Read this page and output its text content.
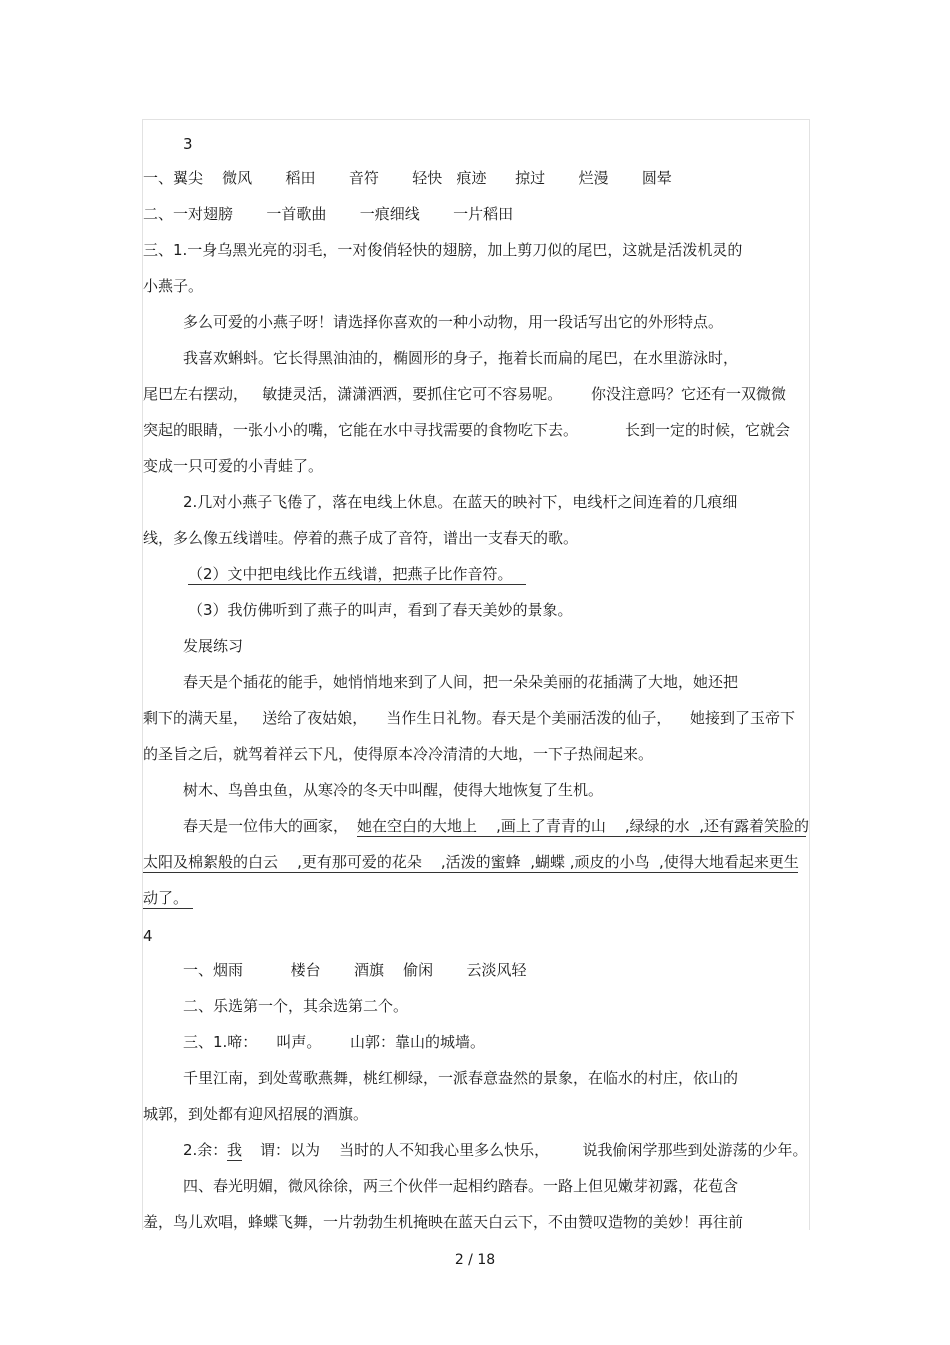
3
一、翼尖    微风       稻田       音符       轻快   痕迹      掠过       烂漫       圆晕
二、一对翅膀       一首歌曲       一痕细线       一片稻田
三、1.一身乌黑光亮的羽毛，一对俊俏轻快的翅膀，加上剪刀似的尾巴，这就是活泼机灵的
小燕子。
多么可爱的小燕子呀！请选择你喜欢的一种小动物，用一段话写出它的外形特点。
我喜欢蝌蚪。它长得黑油油的，椭圆形的身子，拖着长而扁的尾巴，在水里游泳时，
尾巴左右摆动，   敏捷灵活，潇潇洒洒，要抓住它可不容易呢。 你没注意吗？它还有一双微微
突起的眼睛，一张小小的嘴，它能在水中寻找需要的食物吃下去。	长到一定的时候，它就会
变成一只可爱的小青蛙了。
2.几对小燕子飞倦了，落在电线上休息。在蓝天的映衬下，电线杆之间连着的几痕细
线，多么像五线谱哇。停着的燕子成了音符，谱出一支春天的歌。
（2）文中把电线比作五线谱，把燕子比作音符。
（3）我仿佛听到了燕子的叫声，看到了春天美妙的景象。
发展练习
春天是个插花的能手，她悄悄地来到了人间，把一朵朵美丽的花插满了大地，她还把
剩下的满天星，   送给了夜姑娘，    当作生日礼物。春天是个美丽活泼的仙子， 她接到了玉帝下
的圣旨之后，就驾着祥云下凡，使得原本冷冷清清的大地，一下子热闹起来。
树木、鸟兽虫鱼，从寒冷的冬天中叫醒，使得大地恢复了生机。
春天是一位伟大的画家， 她在空白的大地上    ,画上了青青的山    ,绿绿的水  ,还有露着笑脸的
太阳及棉絮般的白云    ,更有那可爱的花朵    ,活泼的蜜蜂  ,蝴蝶 ,顽皮的小鸟  ,使得大地看起来更生
动了。
4
一、烟雨          楼台       酒旗    偷闲       云淡风轻
二、乐选第一个，其余选第二个。
三、1.啼：    叫声。      山郭：靠山的城墙。
千里江南，到处莺歌燕舞，桃红柳绿，一派春意盎然的景象，在临水的村庄，依山的
城郭，到处都有迎风招展的酒旗。
2.余： 我 谓：以为    当时的人不知我心里多么快乐，       说我偷闲学那些到处游荡的少年。
四、春光明媚，微风徐徐，两三个伙伴一起相约踏春。一路上但见嫩芽初露，花苞含
羞，鸟儿欢唱，蜂蝶飞舞，一片勃勃生机掩映在蓝天白云下，不由赞叹造物的美妙！再往前
2 / 18
